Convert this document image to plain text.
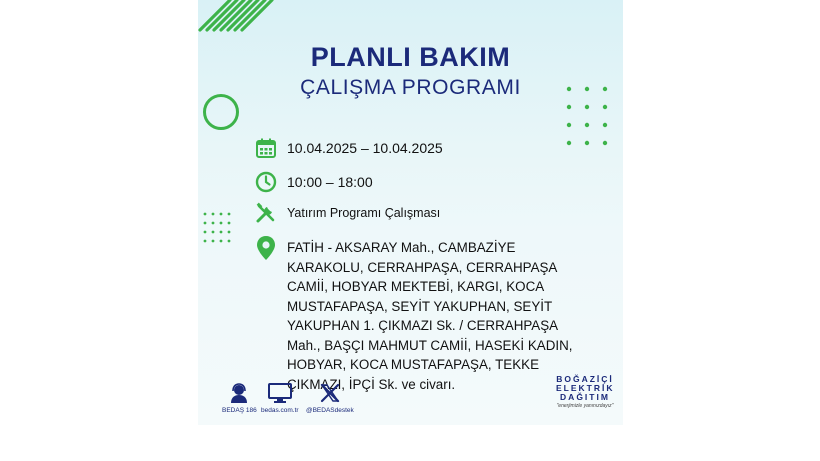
PLANLI BAKIM
ÇALIŞMA PROGRAMI
10.04.2025 – 10.04.2025
10:00 – 18:00
Yatırım Programı Çalışması
FATİH - AKSARAY Mah., CAMBAZİYE KARAKOLU, CERRAHPAŞA, CERRAHPAŞA CAMİİ, HOBYAR MEKTEBİ, KARGI, KOCA MUSTAFAPAŞA, SEYİT YAKUPHAN, SEYİT YAKUPHAN 1. ÇIKMAZI Sk. / CERRAHPAŞA Mah., BAŞÇI MAHMUT CAMİİ, HASEKİ KADIN, HOBYAR, KOCA MUSTAFAPAŞA, TEKKE ÇIKMAZI, İPÇİ Sk. ve civarı.
BEDAŞ 186 bedas.com.tr @BEDASdestek
BOĞAZİÇİ
ELEKTRİK
DAĞITIM
"enerjimizle yanınızdayız"
